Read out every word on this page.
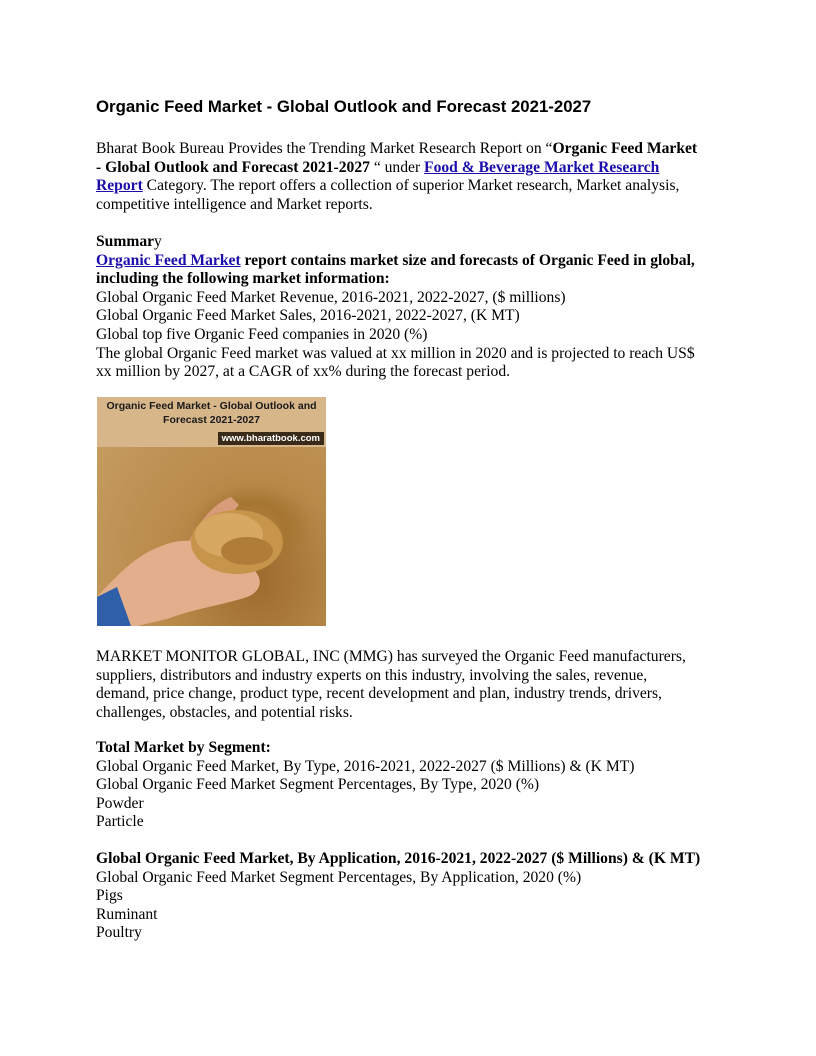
Organic Feed Market - Global Outlook and Forecast 2021-2027
Bharat Book Bureau Provides the Trending Market Research Report on “Organic Feed Market
- Global Outlook and Forecast 2021-2027 “ under Food & Beverage Market Research
Report Category. The report offers a collection of superior Market research, Market analysis,
competitive intelligence and Market reports.
Summary
Organic Feed Market report contains market size and forecasts of Organic Feed in global,
including the following market information:
Global Organic Feed Market Revenue, 2016-2021, 2022-2027, ($ millions)
Global Organic Feed Market Sales, 2016-2021, 2022-2027, (K MT)
Global top five Organic Feed companies in 2020 (%)
The global Organic Feed market was valued at xx million in 2020 and is projected to reach US$
xx million by 2027, at a CAGR of xx% during the forecast period.
Organic Feed Market - Global Outlook and
Forecast 2021-2027
www.bharatbook.com
MARKET MONITOR GLOBAL, INC (MMG) has surveyed the Organic Feed manufacturers,
suppliers, distributors and industry experts on this industry, involving the sales, revenue,
demand, price change, product type, recent development and plan, industry trends, drivers,
challenges, obstacles, and potential risks.
Total Market by Segment:
Global Organic Feed Market, By Type, 2016-2021, 2022-2027 ($ Millions) & (K MT)
Global Organic Feed Market Segment Percentages, By Type, 2020 (%)
Powder
Particle
Global Organic Feed Market, By Application, 2016-2021, 2022-2027 ($ Millions) & (K MT)
Global Organic Feed Market Segment Percentages, By Application, 2020 (%)
Pigs
Ruminant
Poultry
